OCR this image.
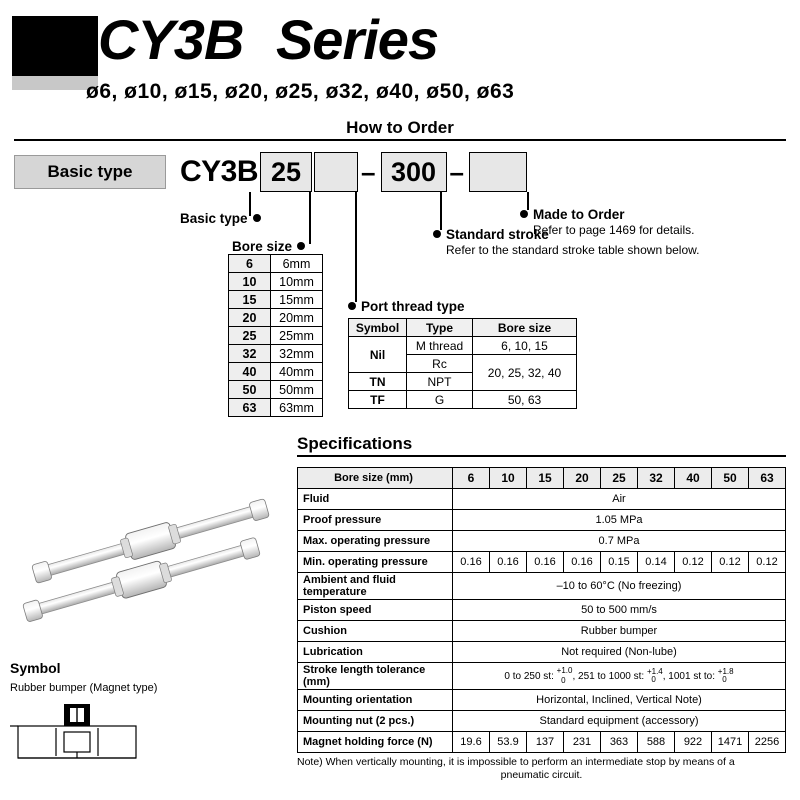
CY3B Series
ø6, ø10, ø15, ø20, ø25, ø32, ø40, ø50, ø63
How to Order
Basic type	CY3B 25	– 300 –
Basic type
Bore size
Port thread type
Standard stroke
Refer to the standard stroke table shown below.
Made to Order
Refer to page 1469 for details.
6	6mm
10	10mm
15	15mm
20	20mm
25	25mm
32	32mm
40	40mm
50	50mm
63	63mm
Symbol	Type	Bore size
Nil	M thread	6, 10, 15
	Rc	20, 25, 32, 40
TN	NPT	
TF	G	50, 63
Symbol
Rubber bumper (Magnet type)
Specifications
Bore size (mm)	6	10	15	20	25	32	40	50	63
Fluid	Air								
Proof pressure	1.05 MPa								
Max. operating pressure	0.7 MPa								
Min. operating pressure	0.16	0.16	0.16	0.16	0.15	0.14	0.12	0.12	0.12
Ambient and fluid temperature	–10 to 60°C (No freezing)								
Piston speed	50 to 500 mm/s								
Cushion	Rubber bumper								
Lubrication	Not required (Non-lube)								
Stroke length tolerance (mm)	0 to 250 st: +1.0
0 , 251 to 1000 st: +1.4
0 , 1001 st to: +1.8
0								
Mounting orientation	Horizontal, Inclined, Vertical Note)								
Mounting nut (2 pcs.)	Standard equipment (accessory)								
Magnet holding force (N)	19.6	53.9	137	231	363	588	922	1471	2256
Note) When vertically mounting, it is impossible to perform an intermediate stop by means of a
pneumatic circuit.
